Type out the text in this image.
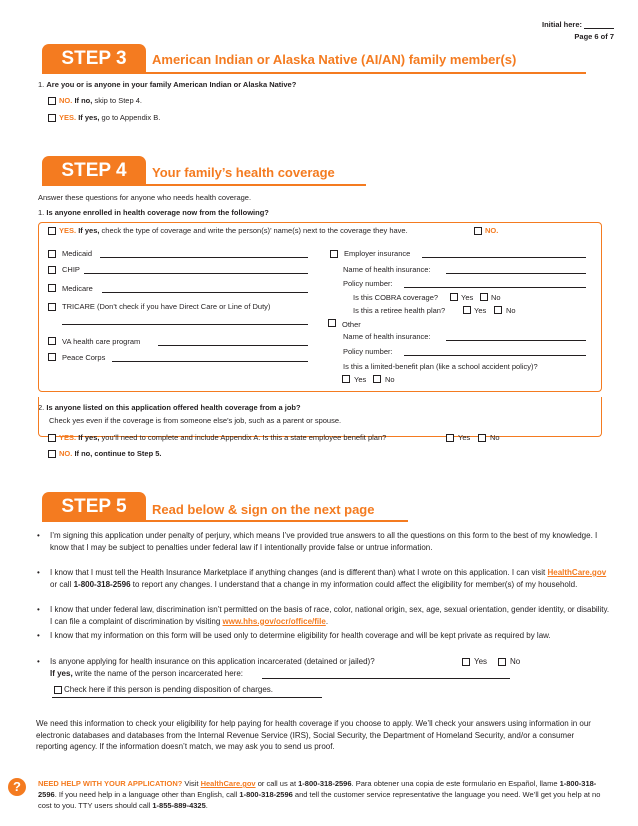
Initial here:
Page 6 of 7
STEP 3	American Indian or Alaska Native (AI/AN) family member(s)
1. Are you or is anyone in your family American Indian or Alaska Native?
NO. If no, skip to Step 4.
YES. If yes, go to Appendix B.
STEP 4	Your family’s health coverage
Answer these questions for anyone who needs health coverage.
1. Is anyone enrolled in health coverage now from the following?
YES. If yes, check the type of coverage and write the person(s)’ name(s) next to the coverage they have.	NO.
Medicaid
CHIP
Medicare
TRICARE (Don’t check if you have Direct Care or Line of Duty)
VA health care program
Peace Corps
Employer insurance
Name of health insurance:
Policy number:
Is this COBRA coverage?	Yes No
Is this a retiree health plan?	Yes	No
Other
Name of health insurance:
Policy number:
Is this a limited-benefit plan (like a school accident policy)?
Yes	No
2. Is anyone listed on this application offered health coverage from a job?
Check yes even if the coverage is from someone else’s job, such as a parent or spouse.
YES. If yes, you’ll need to complete and include Appendix A. Is this a state employee benefit plan?	Yes	No
NO. If no, continue to Step 5.
STEP 5	Read below & sign on the next page
• I’m signing this application under penalty of perjury, which means I’ve provided true answers to all the questions on this form to the best of my knowledge. I know that I may be subject to penalties under federal law if I intentionally provide false or untrue information.
• I know that I must tell the Health Insurance Marketplace if anything changes (and is different than) what I wrote on this application. I can visit HealthCare.gov or call 1-800-318-2596 to report any changes. I understand that a change in my information could affect the eligibility for member(s) of my household.
• I know that under federal law, discrimination isn’t permitted on the basis of race, color, national origin, sex, age, sexual orientation, gender identity, or disability. I can file a complaint of discrimination by visiting www.hhs.gov/ocr/office/file.
• I know that my information on this form will be used only to determine eligibility for health coverage and will be kept private as required by law.
• Is anyone applying for health insurance on this application incarcerated (detained or jailed)?	Yes	No
If yes, write the name of the person incarcerated here:
Check here if this person is pending disposition of charges.
We need this information to check your eligibility for help paying for health coverage if you choose to apply. We’ll check your answers using information in our electronic databases and databases from the Internal Revenue Service (IRS), Social Security, the Department of Homeland Security, and/or a consumer reporting agency. If the information doesn’t match, we may ask you to send us proof.
?	NEED HELP WITH YOUR APPLICATION? Visit HealthCare.gov or call us at 1-800-318-2596. Para obtener una copia de este formulario en Español, llame 1-800-318-2596. If you need help in a language other than English, call 1-800-318-2596 and tell the customer service representative the language you need. We’ll get you help at no cost to you. TTY users should call 1-855-889-4325.
